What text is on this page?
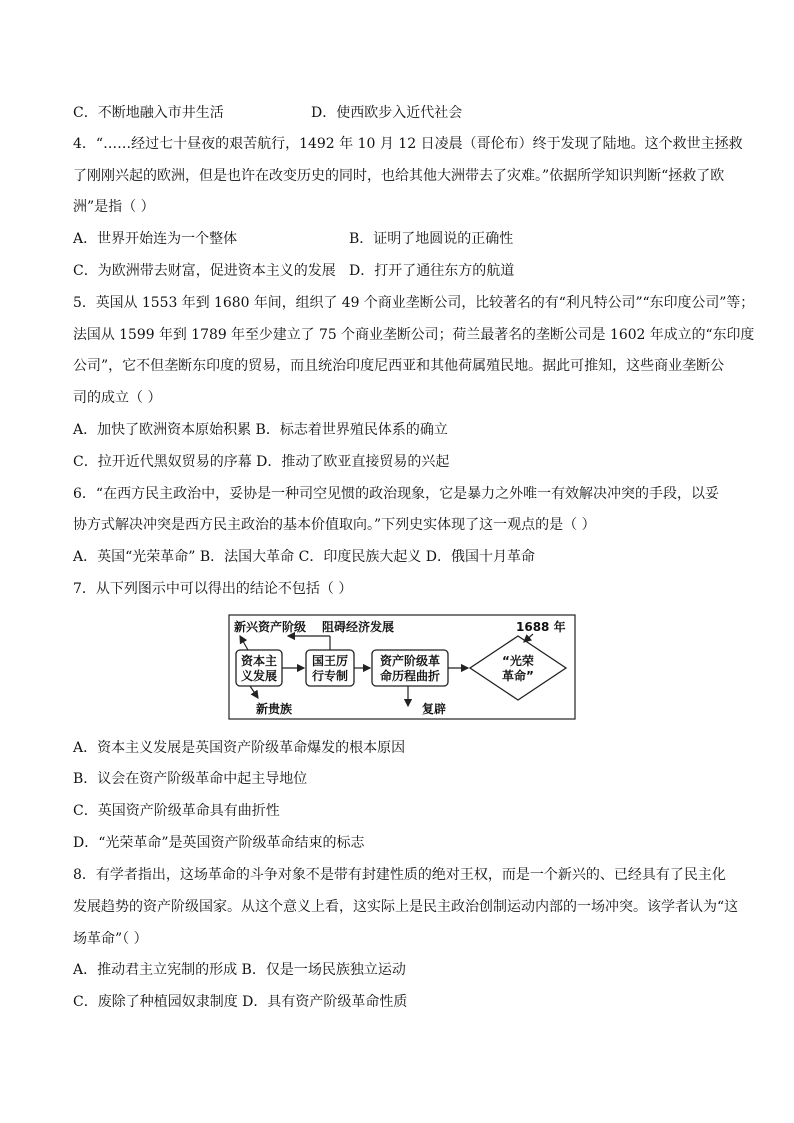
C．不断地融入市井生活	D．使西欧步入近代社会
4．“……经过七十昼夜的艰苦航行，1492 年 10 月 12 日凌晨（哥伦布）终于发现了陆地。这个救世主拯救
了刚刚兴起的欧洲，但是也许在改变历史的同时，也给其他大洲带去了灾难。”依据所学知识判断“拯救了欧
洲”是指（ ）
A．世界开始连为一个整体	B．证明了地圆说的正确性
C．为欧洲带去财富，促进资本主义的发展 D．打开了通往东方的航道
5．英国从 1553 年到 1680 年间，组织了 49 个商业垄断公司，比较著名的有“利凡特公司”“东印度公司”等；
法国从 1599 年到 1789 年至少建立了 75 个商业垄断公司；荷兰最著名的垄断公司是 1602 年成立的“东印度
公司”，它不但垄断东印度的贸易，而且统治印度尼西亚和其他荷属殖民地。据此可推知，这些商业垄断公
司的成立（ ）
A．加快了欧洲资本原始积累 B．标志着世界殖民体系的确立
C．拉开近代黑奴贸易的序幕 D．推动了欧亚直接贸易的兴起
6．“在西方民主政治中，妥协是一种司空见惯的政治现象，它是暴力之外唯一有效解决冲突的手段，以妥
协方式解决冲突是西方民主政治的基本价值取向。”下列史实体现了这一观点的是（ ）
A．英国“光荣革命” B．法国大革命 C．印度民族大起义 D．俄国十月革命
7．从下列图示中可以得出的结论不包括（ ）
新兴资产阶级 阻碍经济发展	1688 年
资本主
义发展
国王厉
行专制
资产阶级革
命历程曲折
“光荣
革命”
新贵族	复辟
A．资本主义发展是英国资产阶级革命爆发的根本原因
B．议会在资产阶级革命中起主导地位
C．英国资产阶级革命具有曲折性
D．“光荣革命”是英国资产阶级革命结束的标志
8．有学者指出，这场革命的斗争对象不是带有封建性质的绝对王权，而是一个新兴的、已经具有了民主化
发展趋势的资产阶级国家。从这个意义上看，这实际上是民主政治创制运动内部的一场冲突。该学者认为“这
场革命”（ ）
A．推动君主立宪制的形成 B．仅是一场民族独立运动
C．废除了种植园奴隶制度 D．具有资产阶级革命性质
